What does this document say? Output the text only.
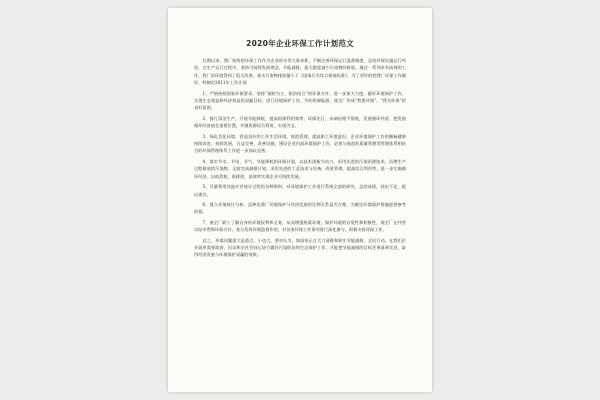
2020年企业环保工作计划范文

长期以来，我厂始终把环保工作作为企业的头等大事来抓，不断完善环保运行监督制度，总结环保设施运行经验，在生产运行过程中，坚持可持续发展理念，节能减排，最大限度减少污染物的排放。通过一系列卓有成效的工作，我厂的环境得到了很大改善，废水污染物排放量小于《国家污水综合排放标准》，为了更好的把我厂环保工作做好，特制定2011年工作计划

1、严格按照国家环保要求，坚持“预防为主，防治结合”的环保方针，进一步加大力度，做好环境保护工作，实现生态效益和经济效益的双赢目标，进行环境保护工作，节约资源能源，使全厂形成“我要环保”、“我为环保”的良好氛围。

2、推行清洁生产，开展节能降耗，提高资源利用效率，环保先行，末端治理不彻底，发展循环经济，把发展循环经济放在重要位置，并做资源综合利用，实现为宝。

3、绿化美化环境，营造良好的工作生活环境，规范管理，提高职工环境意识，企业环境保护工作的顺畅健康持续改进，持续发展，日益完善，改善设施，建设企业内部环境保护工作，必须与规范的质量管理等管理体系相结合的环保管理体系工作进一步加以完善。

4、落实节水、节电、节气、节能降耗的环保计划，以技术创新为动力，采用先进的污染治理技术，治理生产过程排放的污染物，全面完成减排计划，采用先进的工艺技术与设备，改进管理，提高综合利用率，进一步实施循环经济，以低消耗、低排放、高效率实现企业可持续发展。

5、尽量利用其他专业统计过程的各种资料，对环境保护工作进行系统全面的研究，总结成绩，找出不足，提出建议。

6、建立环境统计分析、反映出我厂环境保护与经济发展的比例关系是否合理，为制定环境保护措施提供参考依据。

7、使全厂职工了解自身的环境权利和义务，从而增强热爱环境、保护环境的自觉性和积极性，使全厂在经营实际中贯彻环保方针，充分发挥环境监督作用，对各类环保工作事项进行深化参与，积极支持环保工作。

总之，环境问题重大是重点，小也大，要对认为，如国家正在大力清排和积实节能减排，全民行动，在我们企业就更需要政府、民众和全社会同心协力做好污染防治和生态保护工作，才能把节能减排的目标任务落到实处，取得经济发展与环境保护双赢的效果。
